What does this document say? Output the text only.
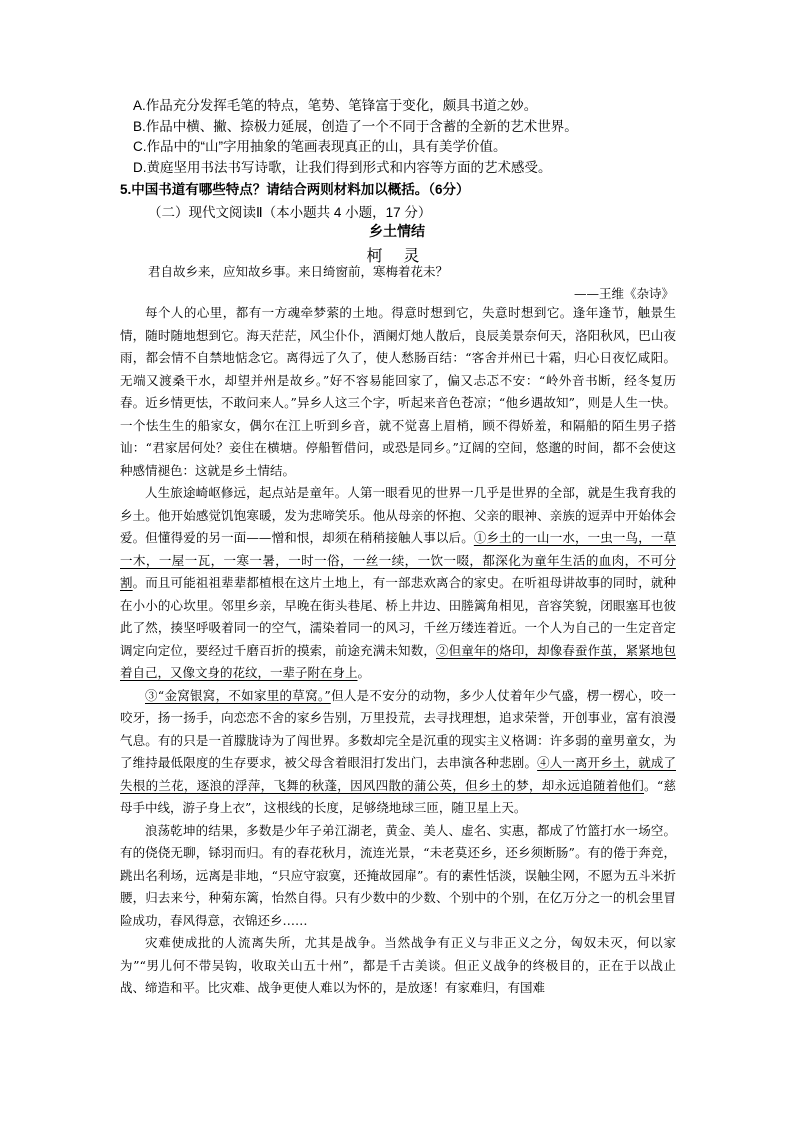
A.作品充分发挥毛笔的特点，笔势、笔锋富于变化，颇具书道之妙。
B.作品中横、撇、捺极力延展，创造了一个不同于含蓄的全新的艺术世界。
C.作品中的“山”字用抽象的笔画表现真正的山，具有美学价值。
D.黄庭坚用书法书写诗歌，让我们得到形式和内容等方面的艺术感受。
5.中国书道有哪些特点？请结合两则材料加以概括。（6分）
（二）现代文阅读Ⅱ（本小题共 4 小题，17 分）
乡土情结
柯 灵
君自故乡来，应知故乡事。来日绮窗前，寒梅着花未？
——王维《杂诗》

每个人的心里，都有一方魂牵梦萦的土地。得意时想到它，失意时想到它。逢年逢节，触景生情，随时随地想到它。海天茫茫，风尘仆仆，酒阑灯灺人散后，良辰美景奈何天，洛阳秋风，巴山夜雨，都会情不自禁地惦念它。离得远了久了，使人愁肠百结：“客舍并州已十霜，归心日夜忆咸阳。无端又渡桑干水，却望并州是故乡。”好不容易能回家了，偏又忐忑不安：“岭外音书断，经冬复历春。近乡情更怯，不敢问来人。”异乡人这三个字，听起来音色苍凉；“他乡遇故知”，则是人生一快。一个怯生生的船家女，偶尔在江上听到乡音，就不觉喜上眉梢，顾不得娇羞，和隔船的陌生男子搭讪：“君家居何处？妾住在横塘。停船暂借问，或恐是同乡。”辽阔的空间，悠邈的时间，都不会使这种感情褪色：这就是乡土情结。

人生旅途崎岖修远，起点站是童年。人第一眼看见的世界一几乎是世界的全部，就是生我育我的乡土。他开始感觉饥饱寒暖，发为悲啼笑乐。他从母亲的怀抱、父亲的眼神、亲族的逗弄中开始体会爱。但懂得爱的另一面——憎和恨，却须在稍稍接触人事以后。①乡土的一山一水，一虫一鸟，一草一木，一屋一瓦，一寒一暑，一时一俗，一丝一续，一饮一啜，都深化为童年生活的血肉，不可分割。而且可能祖祖辈辈都植根在这片土地上，有一部悲欢离合的家史。在听祖母讲故事的同时，就种在小小的心坎里。邻里乡亲，早晚在街头巷尾、桥上井边、田塍篱角相见，音容笑貌，闭眼塞耳也彼此了然，揍坚呼吸着同一的空气，濡染着同一的风习，千丝万缕连着近。一个人为自己的一生定音定调定向定位，要经过千磨百折的摸索，前途充满未知数，②但童年的烙印，却像春蚕作茧，紧紧地包着自己，又像文身的花纹，一辈子附在身上。

③“金窝银窝，不如家里的草窝。”但人是不安分的动物，多少人仗着年少气盛，楞一楞心，咬一咬牙，扬一扬手，向恋恋不舍的家乡告别，万里投荒，去寻找理想，追求荣誉，开创事业，富有浪漫气息。有的只是一首朦胧诗为了闯世界。多数却完全是沉重的现实主义格调：许多弱的童男童女，为了维持最低限度的生存要求，被父母含着眼泪打发出门，去串演各种悲剧。④人一离开乡土，就成了失根的兰花，逐浪的浮萍，飞舞的秋蓬，因风四散的蒲公英，但乡土的梦，却永远追随着他们。“慈母手中线，游子身上衣”，这根线的长度，足够绕地球三匝，随卫星上天。

浪荡乾坤的结果，多数是少年子弟江湖老，黄金、美人、虚名、实惠，都成了竹篮打水一场空。有的侥侥无聊，铩羽而归。有的春花秋月，流连光景，“未老莫还乡，还乡须断肠”。有的倦于奔竞，跳出名利场，远离是非地，“只应守寂寞，还掩故园扉”。有的素性恬淡，误触尘网，不愿为五斗米折腰，归去来兮，种菊东篱，怡然自得。只有少数中的少数、个别中的个别，在亿万分之一的机会里冒险成功，春风得意，衣锦还乡……

灾难使成批的人流离失所，尤其是战争。当然战争有正义与非正义之分，匈奴未灭，何以家为”“男儿何不带吴钩，收取关山五十州”，都是千古美谈。但正义战争的终极目的，正在于以战止战、缔造和平。比灾难、战争更使人难以为怀的，是放逐！有家难归，有国难
